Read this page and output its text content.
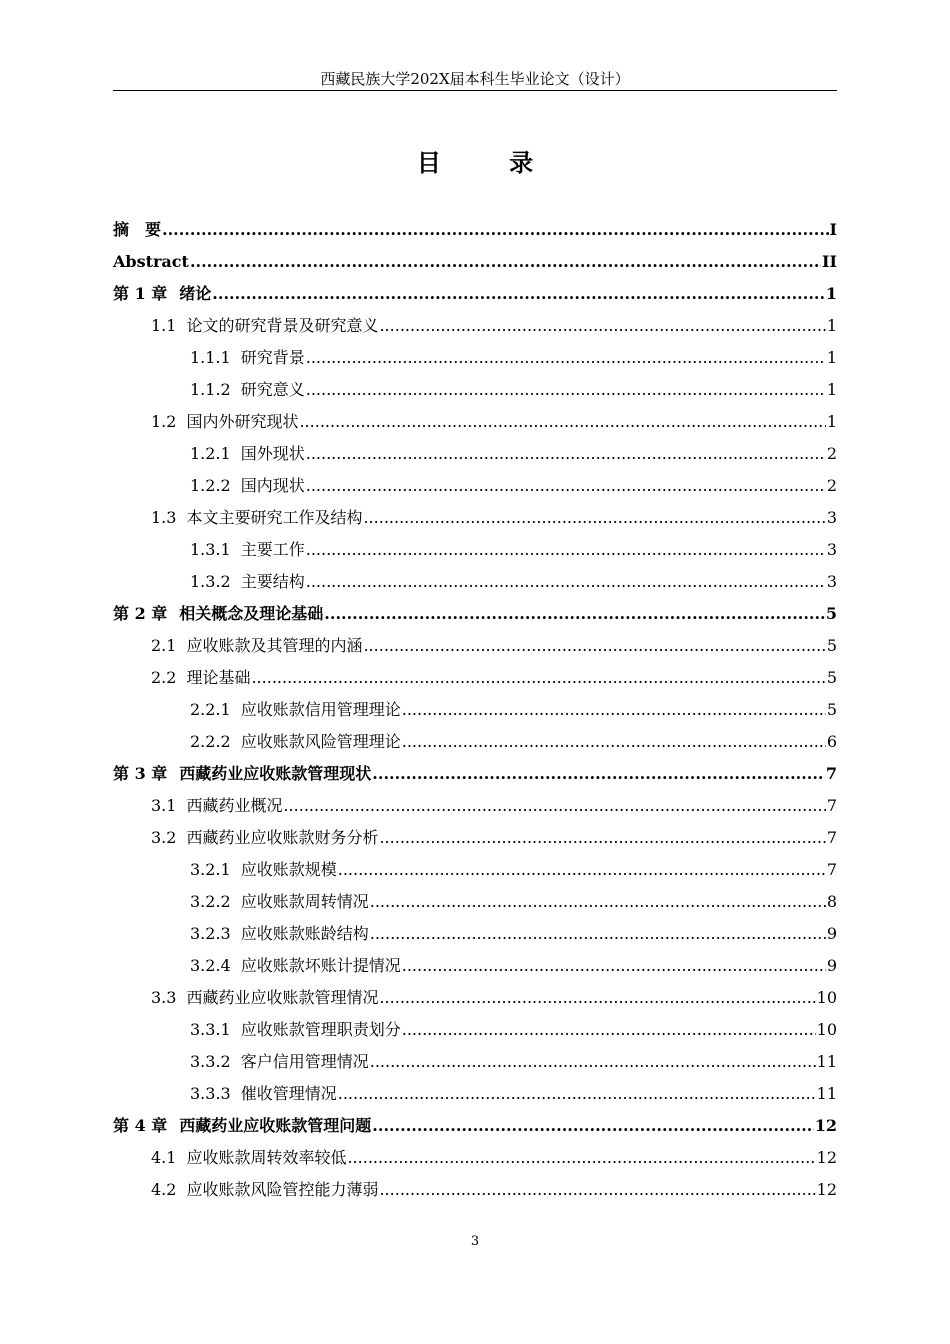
西藏民族大学202X届本科生毕业论文（设计）
目 录
摘　要 .....	I
Abstract .....	II
第 1 章 绪论 .....	1
1.1 论文的研究背景及研究意义 .....	1
1.1.1 研究背景 .....	1
1.1.2 研究意义 .....	1
1.2 国内外研究现状 .....	1
1.2.1 国外现状 .....	2
1.2.2 国内现状 .....	2
1.3 本文主要研究工作及结构 .....	3
1.3.1 主要工作 .....	3
1.3.2 主要结构 .....	3
第 2 章 相关概念及理论基础 .....	5
2.1 应收账款及其管理的内涵 .....	5
2.2 理论基础 .....	5
2.2.1 应收账款信用管理理论 .....	5
2.2.2 应收账款风险管理理论 .....	6
第 3 章 西藏药业应收账款管理现状 .....	7
3.1 西藏药业概况 .....	7
3.2 西藏药业应收账款财务分析 .....	7
3.2.1 应收账款规模 .....	7
3.2.2 应收账款周转情况 .....	8
3.2.3 应收账款账龄结构 .....	9
3.2.4 应收账款坏账计提情况 .....	9
3.3 西藏药业应收账款管理情况 .....	10
3.3.1 应收账款管理职责划分 .....	10
3.3.2 客户信用管理情况 .....	11
3.3.3 催收管理情况 .....	11
第 4 章 西藏药业应收账款管理问题 .....	12
4.1 应收账款周转效率较低 .....	12
4.2 应收账款风险管控能力薄弱 .....	12
3
